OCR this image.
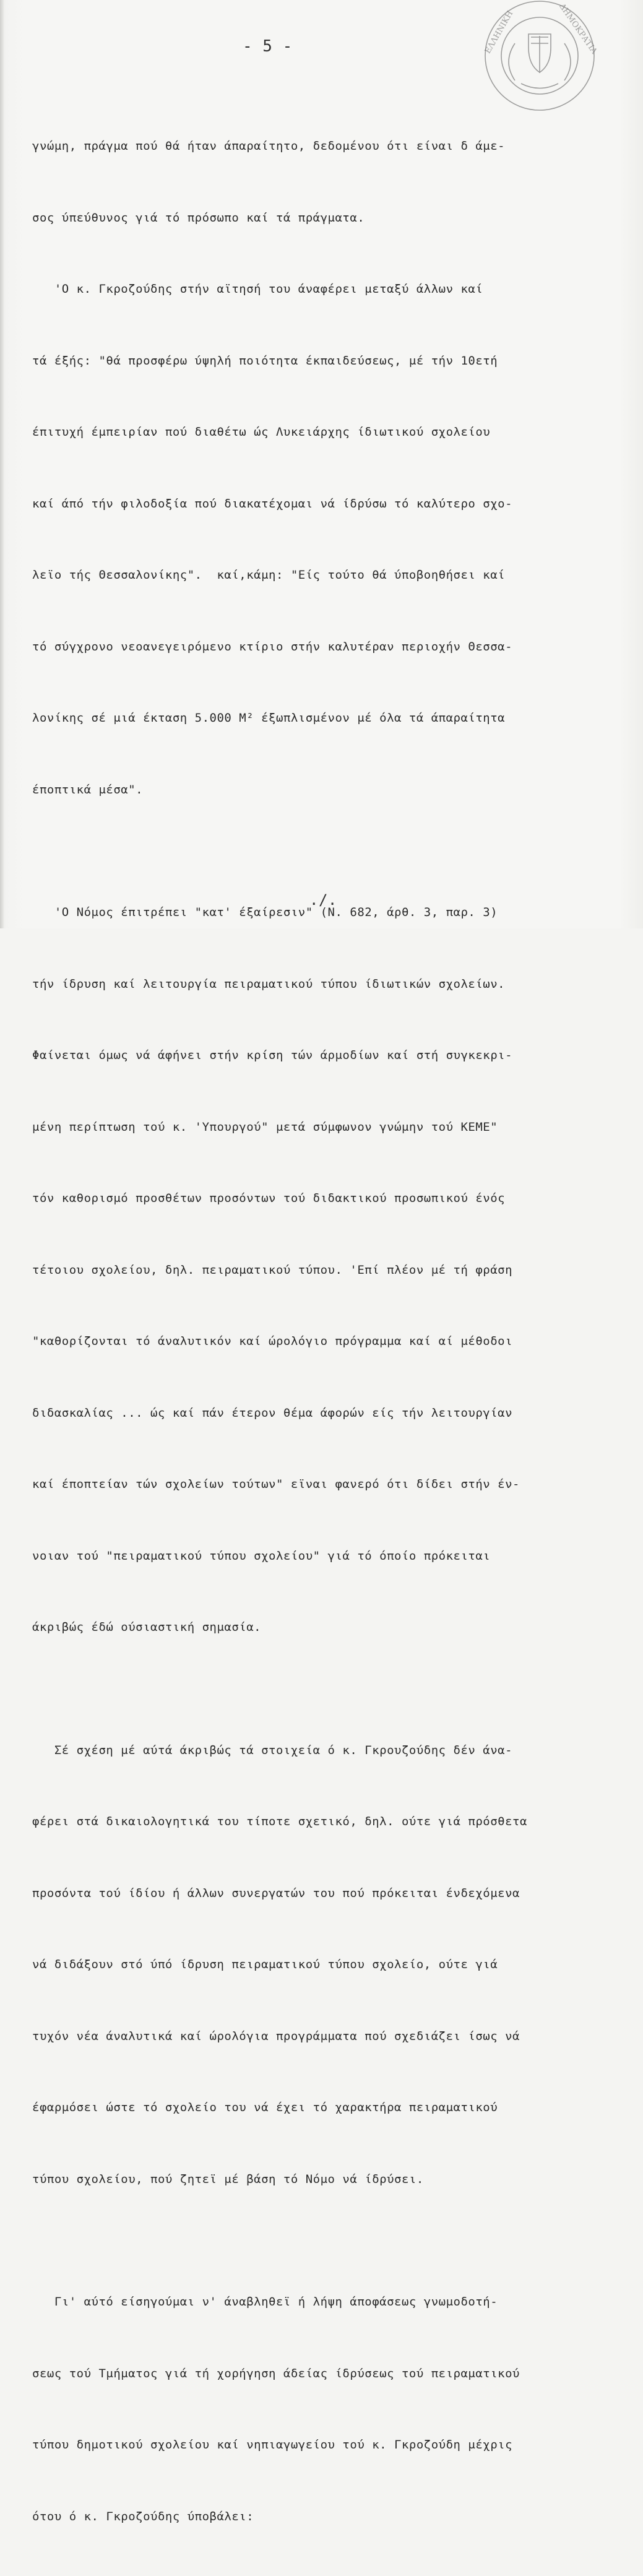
- 5 -	ΕΛΛΗΝΙΚΗ	ΔΗΜΟΚΡΑΤΙΑ

γνώμη, πράγμα πού θά ήταν άπαραίτητο, δεδομένου ότι είναι δ άμε-

σος ύπεύθυνος γιά τό πρόσωπο καί τά πράγματα.

'Ο κ. Γκροζούδης στήν αϊτησή του άναφέρει μεταξύ άλλων καί

τά έξής: "θά προσφέρω ύψηλή ποιότητα έκπαιδεύσεως, μέ τήν 10ετή

έπιτυχή έμπειρίαν πού διαθέτω ώς Λυκειάρχης ίδιωτικού σχολείου

καί άπό τήν φιλοδοξία πού διακατέχομαι νά ίδρύσω τό καλύτερο σχο-

λεϊο τής Θεσσαλονίκης".  καί,κάμη: "Είς τούτο θά ύποβοηθήσει καί

τό σύγχρονο νεοανεγειρόμενο κτίριο στήν καλυτέραν περιοχήν Θεσσα-

λονίκης σέ μιά έκταση 5.000 Μ² έξωπλισμένον μέ όλα τά άπαραίτητα

έποπτικά μέσα".

'Ο Νόμος έπιτρέπει "κατ' έξαίρεσιν" (Ν. 682, άρθ. 3, παρ. 3)

τήν ίδρυση καί λειτουργία πειραματικού τύπου ίδιωτικών σχολείων.

Φαίνεται όμως νά άφήνει στήν κρίση τών άρμοδίων καί στή συγκεκρι-

μένη περίπτωση τού κ. 'Υπουργού" μετά σύμφωνον γνώμην τού ΚΕΜΕ"

τόν καθορισμό προσθέτων προσόντων τού διδακτικού προσωπικού ένός

τέτοιου σχολείου, δηλ. πειραματικού τύπου. 'Επί πλέον μέ τή φράση

"καθορίζονται τό άναλυτικόν καί ώρολόγιο πρόγραμμα καί αί μέθοδοι

διδασκαλίας ... ώς καί πάν έτερον θέμα άφορών είς τήν λειτουργίαν

καί έποπτείαν τών σχολείων τούτων" εϊναι φανερό ότι δίδει στήν έν-

νοιαν τού "πειραματικού τύπου σχολείου" γιά τό όποίο πρόκειται

άκριβώς έδώ ούσιαστική σημασία.

Σέ σχέση μέ αύτά άκριβώς τά στοιχεία ό κ. Γκρουζούδης δέν άνα-

φέρει στά δικαιολογητικά του τίποτε σχετικό, δηλ. ούτε γιά πρόσθετα

προσόντα τού ίδίου ή άλλων συνεργατών του πού πρόκειται ένδεχόμενα

νά διδάξουν στό ύπό ίδρυση πειραματικού τύπου σχολείο, ούτε γιά

τυχόν νέα άναλυτικά καί ώρολόγια προγράμματα πού σχεδιάζει ίσως νά

έφαρμόσει ώστε τό σχολείο του νά έχει τό χαρακτήρα πειραματικού

τύπου σχολείου, πού ζητεϊ μέ βάση τό Νόμο νά ίδρύσει.

Γι' αύτό είσηγούμαι ν' άναβληθεϊ ή λήψη άποφάσεως γνωμοδοτή-

σεως τού Τμήματος γιά τή χορήγηση άδείας ίδρύσεως τού πειραματικού

τύπου δημοτικού σχολείου καί νηπιαγωγείου τού κ. Γκροζούδη μέχρις

ότου ό κ. Γκροζούδης ύποβάλει:

./.
